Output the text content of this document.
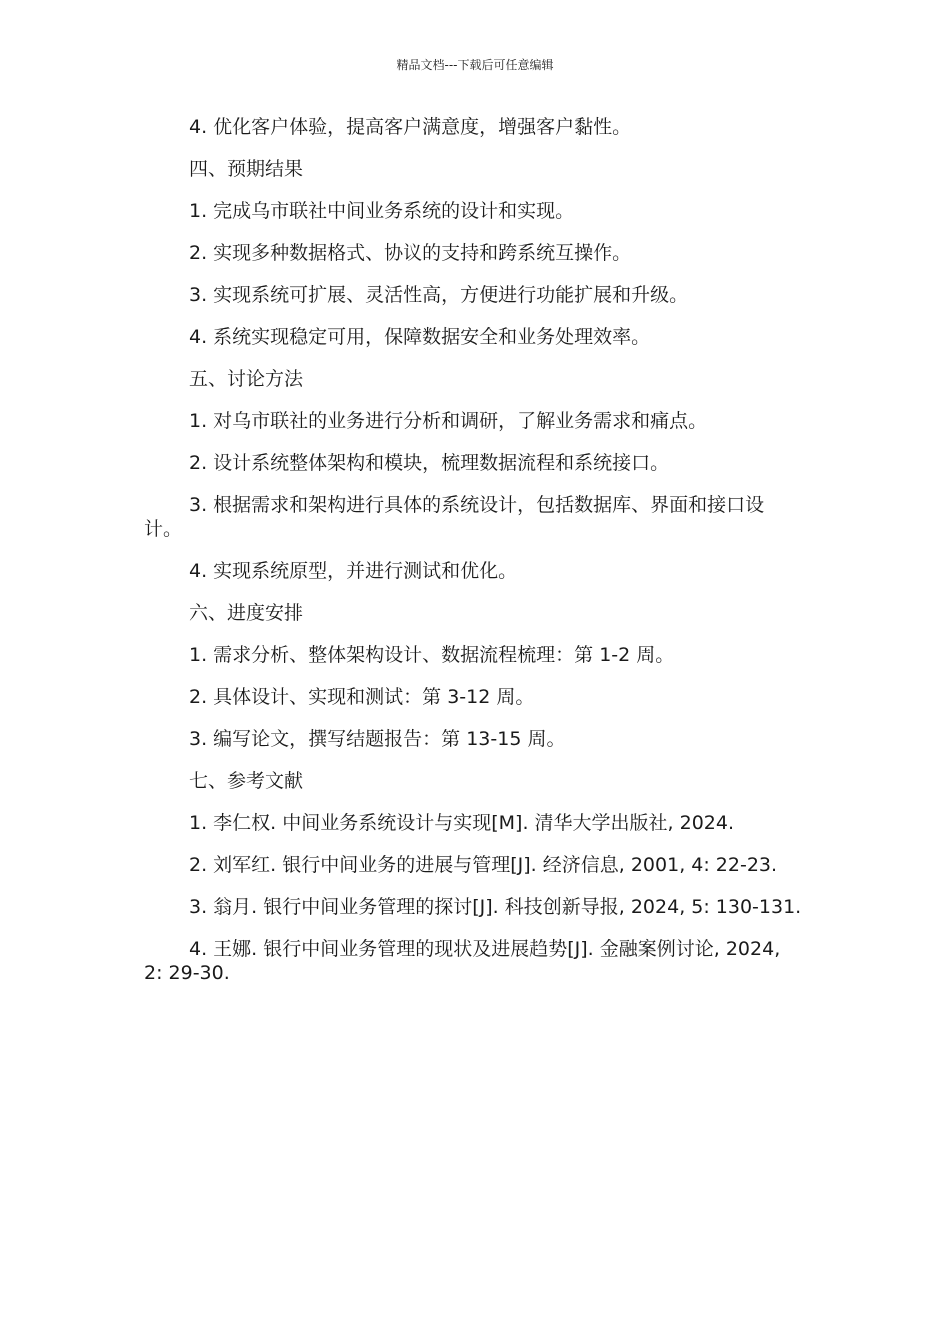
精品文档---下载后可任意编辑

4. 优化客户体验，提高客户满意度，增强客户黏性。

四、预期结果

1. 完成乌市联社中间业务系统的设计和实现。

2. 实现多种数据格式、协议的支持和跨系统互操作。

3. 实现系统可扩展、灵活性高，方便进行功能扩展和升级。

4. 系统实现稳定可用，保障数据安全和业务处理效率。

五、讨论方法

1. 对乌市联社的业务进行分析和调研，了解业务需求和痛点。

2. 设计系统整体架构和模块，梳理数据流程和系统接口。

3. 根据需求和架构进行具体的系统设计，包括数据库、界面和接口设计。

4. 实现系统原型，并进行测试和优化。

六、进度安排

1. 需求分析、整体架构设计、数据流程梳理：第 1-2 周。

2. 具体设计、实现和测试：第 3-12 周。

3. 编写论文，撰写结题报告：第 13-15 周。

七、参考文献

1. 李仁权. 中间业务系统设计与实现[M]. 清华大学出版社, 2024.

2. 刘军红. 银行中间业务的进展与管理[J]. 经济信息, 2001, 4: 22-23.

3. 翁月. 银行中间业务管理的探讨[J]. 科技创新导报, 2024, 5: 130-131.

4. 王娜. 银行中间业务管理的现状及进展趋势[J]. 金融案例讨论, 2024, 2: 29-30.
